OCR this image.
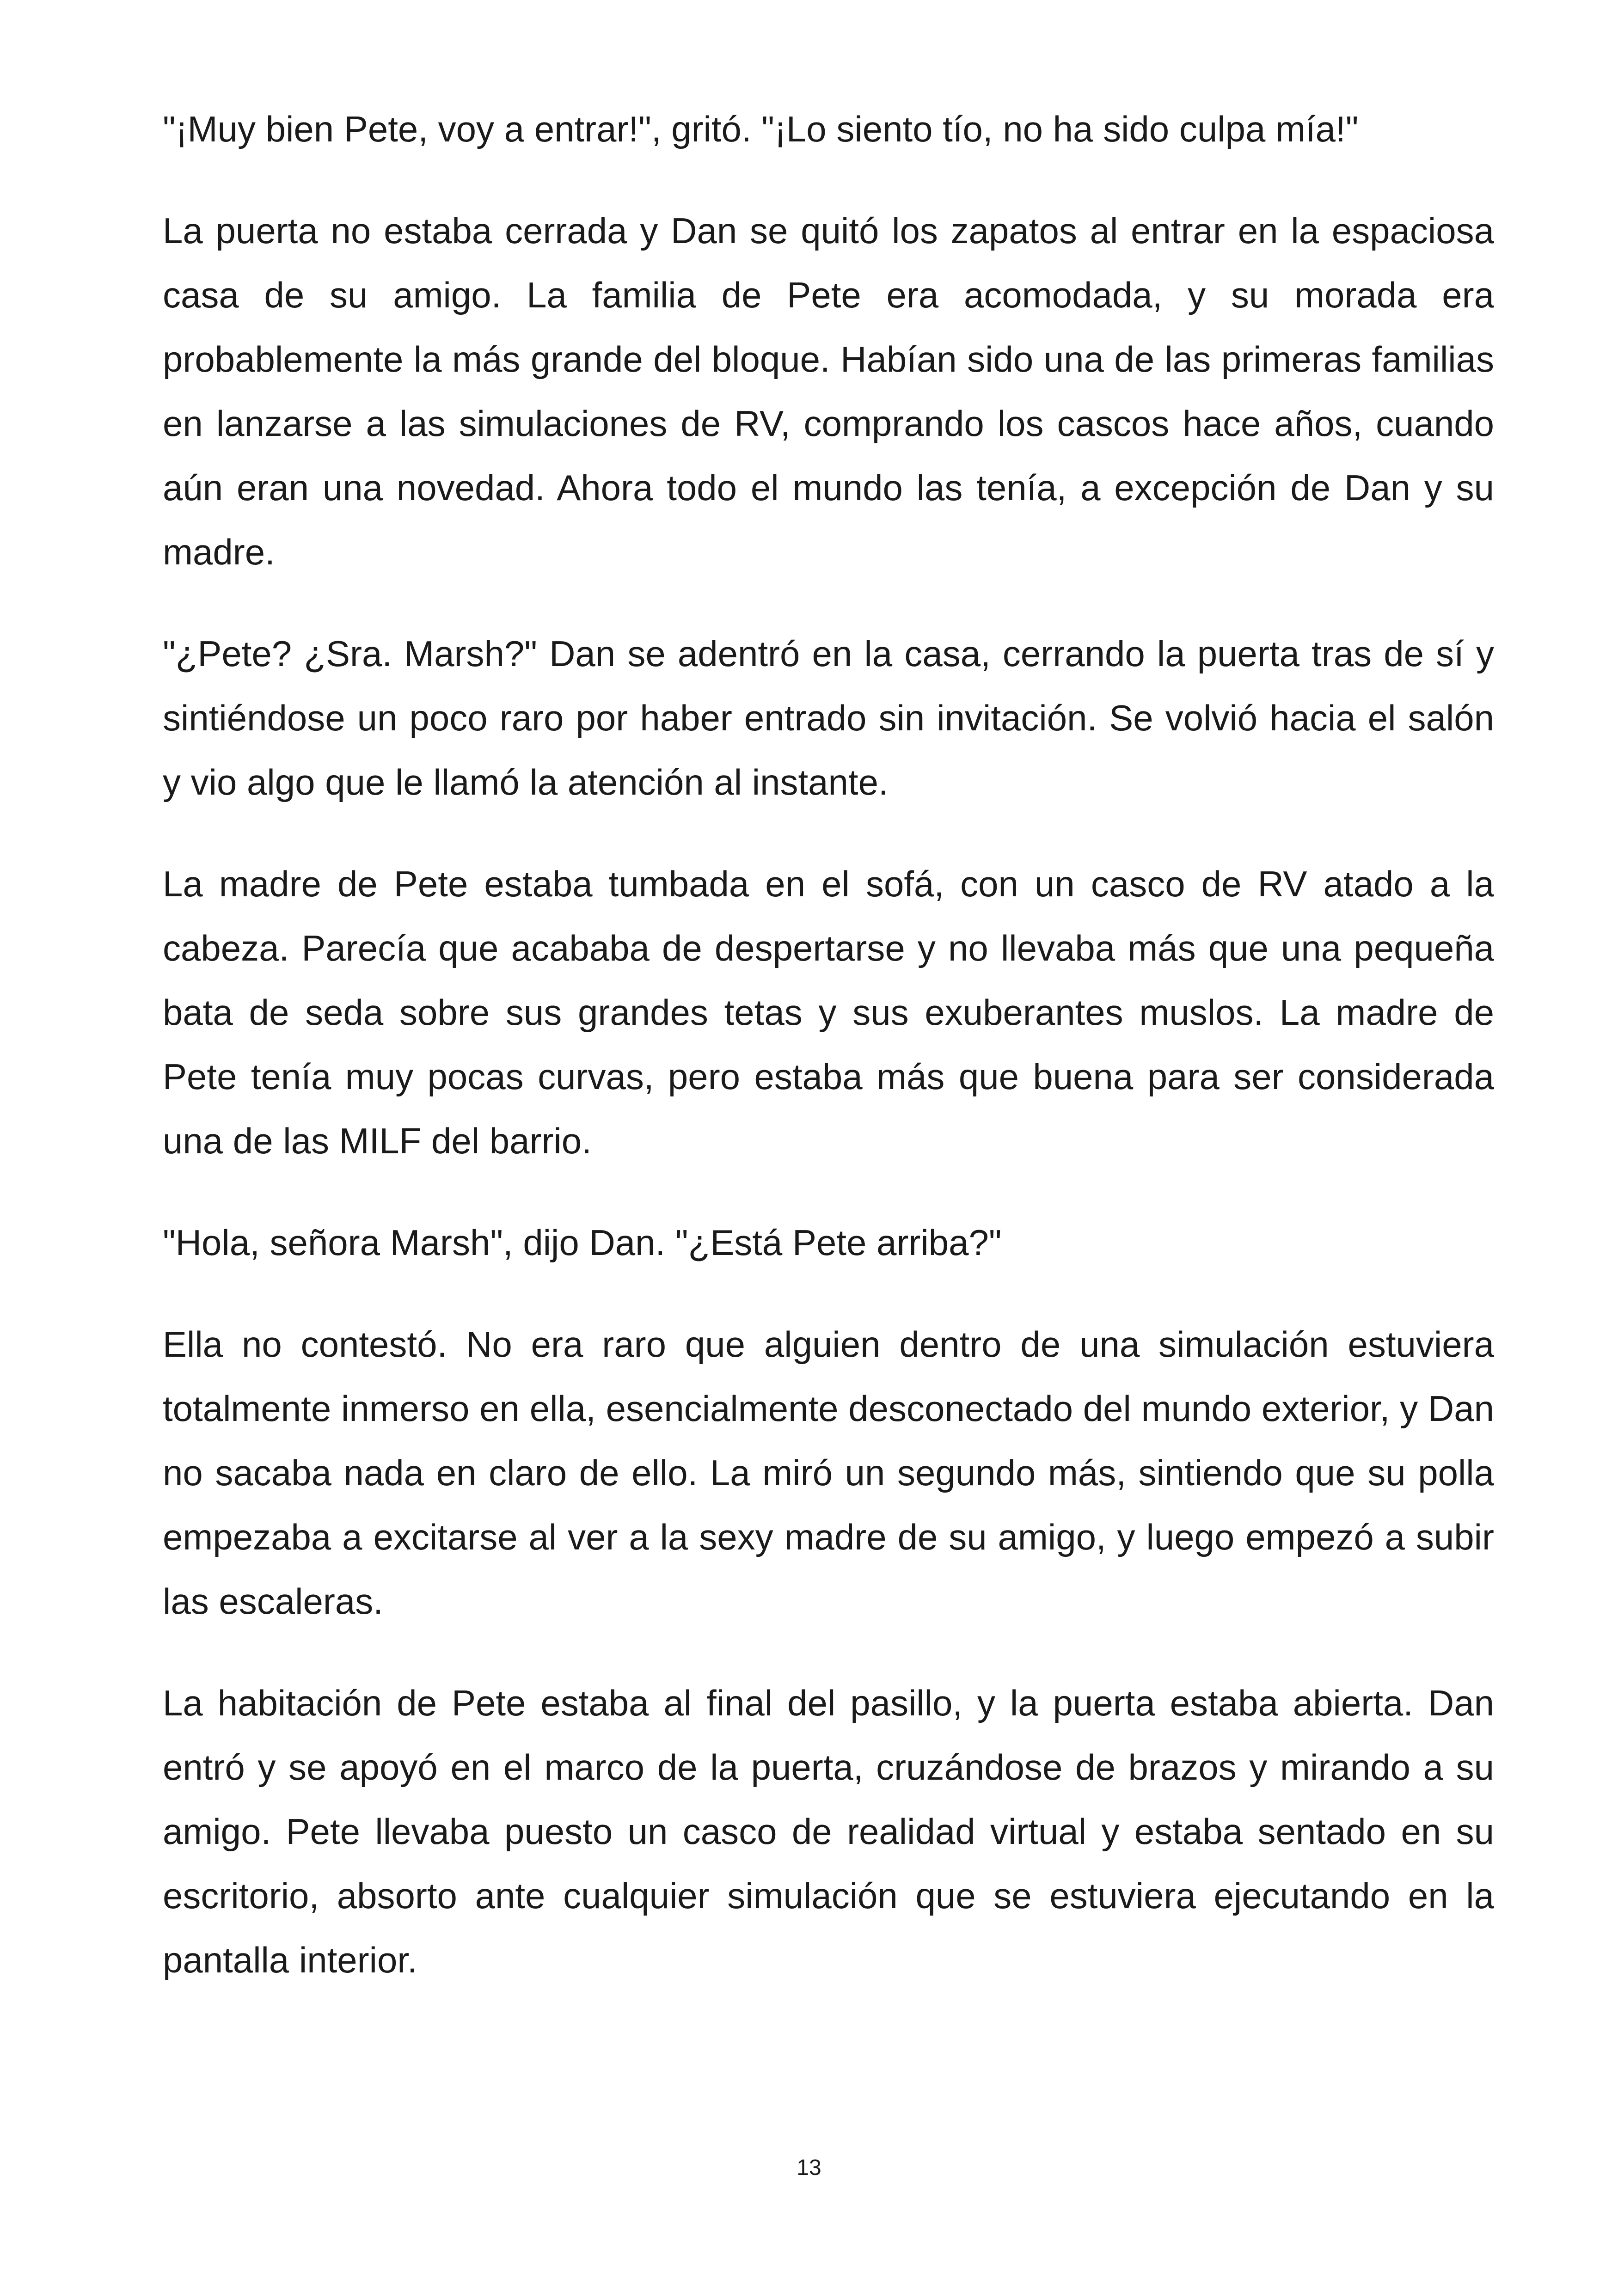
"¡Muy bien Pete, voy a entrar!", gritó. "¡Lo siento tío, no ha sido culpa mía!"

La puerta no estaba cerrada y Dan se quitó los zapatos al entrar en la espaciosa casa de su amigo. La familia de Pete era acomodada, y su morada era probablemente la más grande del bloque. Habían sido una de las primeras familias en lanzarse a las simulaciones de RV, comprando los cascos hace años, cuando aún eran una novedad. Ahora todo el mundo las tenía, a excepción de Dan y su madre.

"¿Pete? ¿Sra. Marsh?" Dan se adentró en la casa, cerrando la puerta tras de sí y sintiéndose un poco raro por haber entrado sin invitación. Se volvió hacia el salón y vio algo que le llamó la atención al instante.

La madre de Pete estaba tumbada en el sofá, con un casco de RV atado a la cabeza. Parecía que acababa de despertarse y no llevaba más que una pequeña bata de seda sobre sus grandes tetas y sus exuberantes muslos. La madre de Pete tenía muy pocas curvas, pero estaba más que buena para ser considerada una de las MILF del barrio.

"Hola, señora Marsh", dijo Dan. "¿Está Pete arriba?"

Ella no contestó. No era raro que alguien dentro de una simulación estuviera totalmente inmerso en ella, esencialmente desconectado del mundo exterior, y Dan no sacaba nada en claro de ello. La miró un segundo más, sintiendo que su polla empezaba a excitarse al ver a la sexy madre de su amigo, y luego empezó a subir las escaleras.

La habitación de Pete estaba al final del pasillo, y la puerta estaba abierta. Dan entró y se apoyó en el marco de la puerta, cruzándose de brazos y mirando a su amigo. Pete llevaba puesto un casco de realidad virtual y estaba sentado en su escritorio, absorto ante cualquier simulación que se estuviera ejecutando en la pantalla interior.

13
